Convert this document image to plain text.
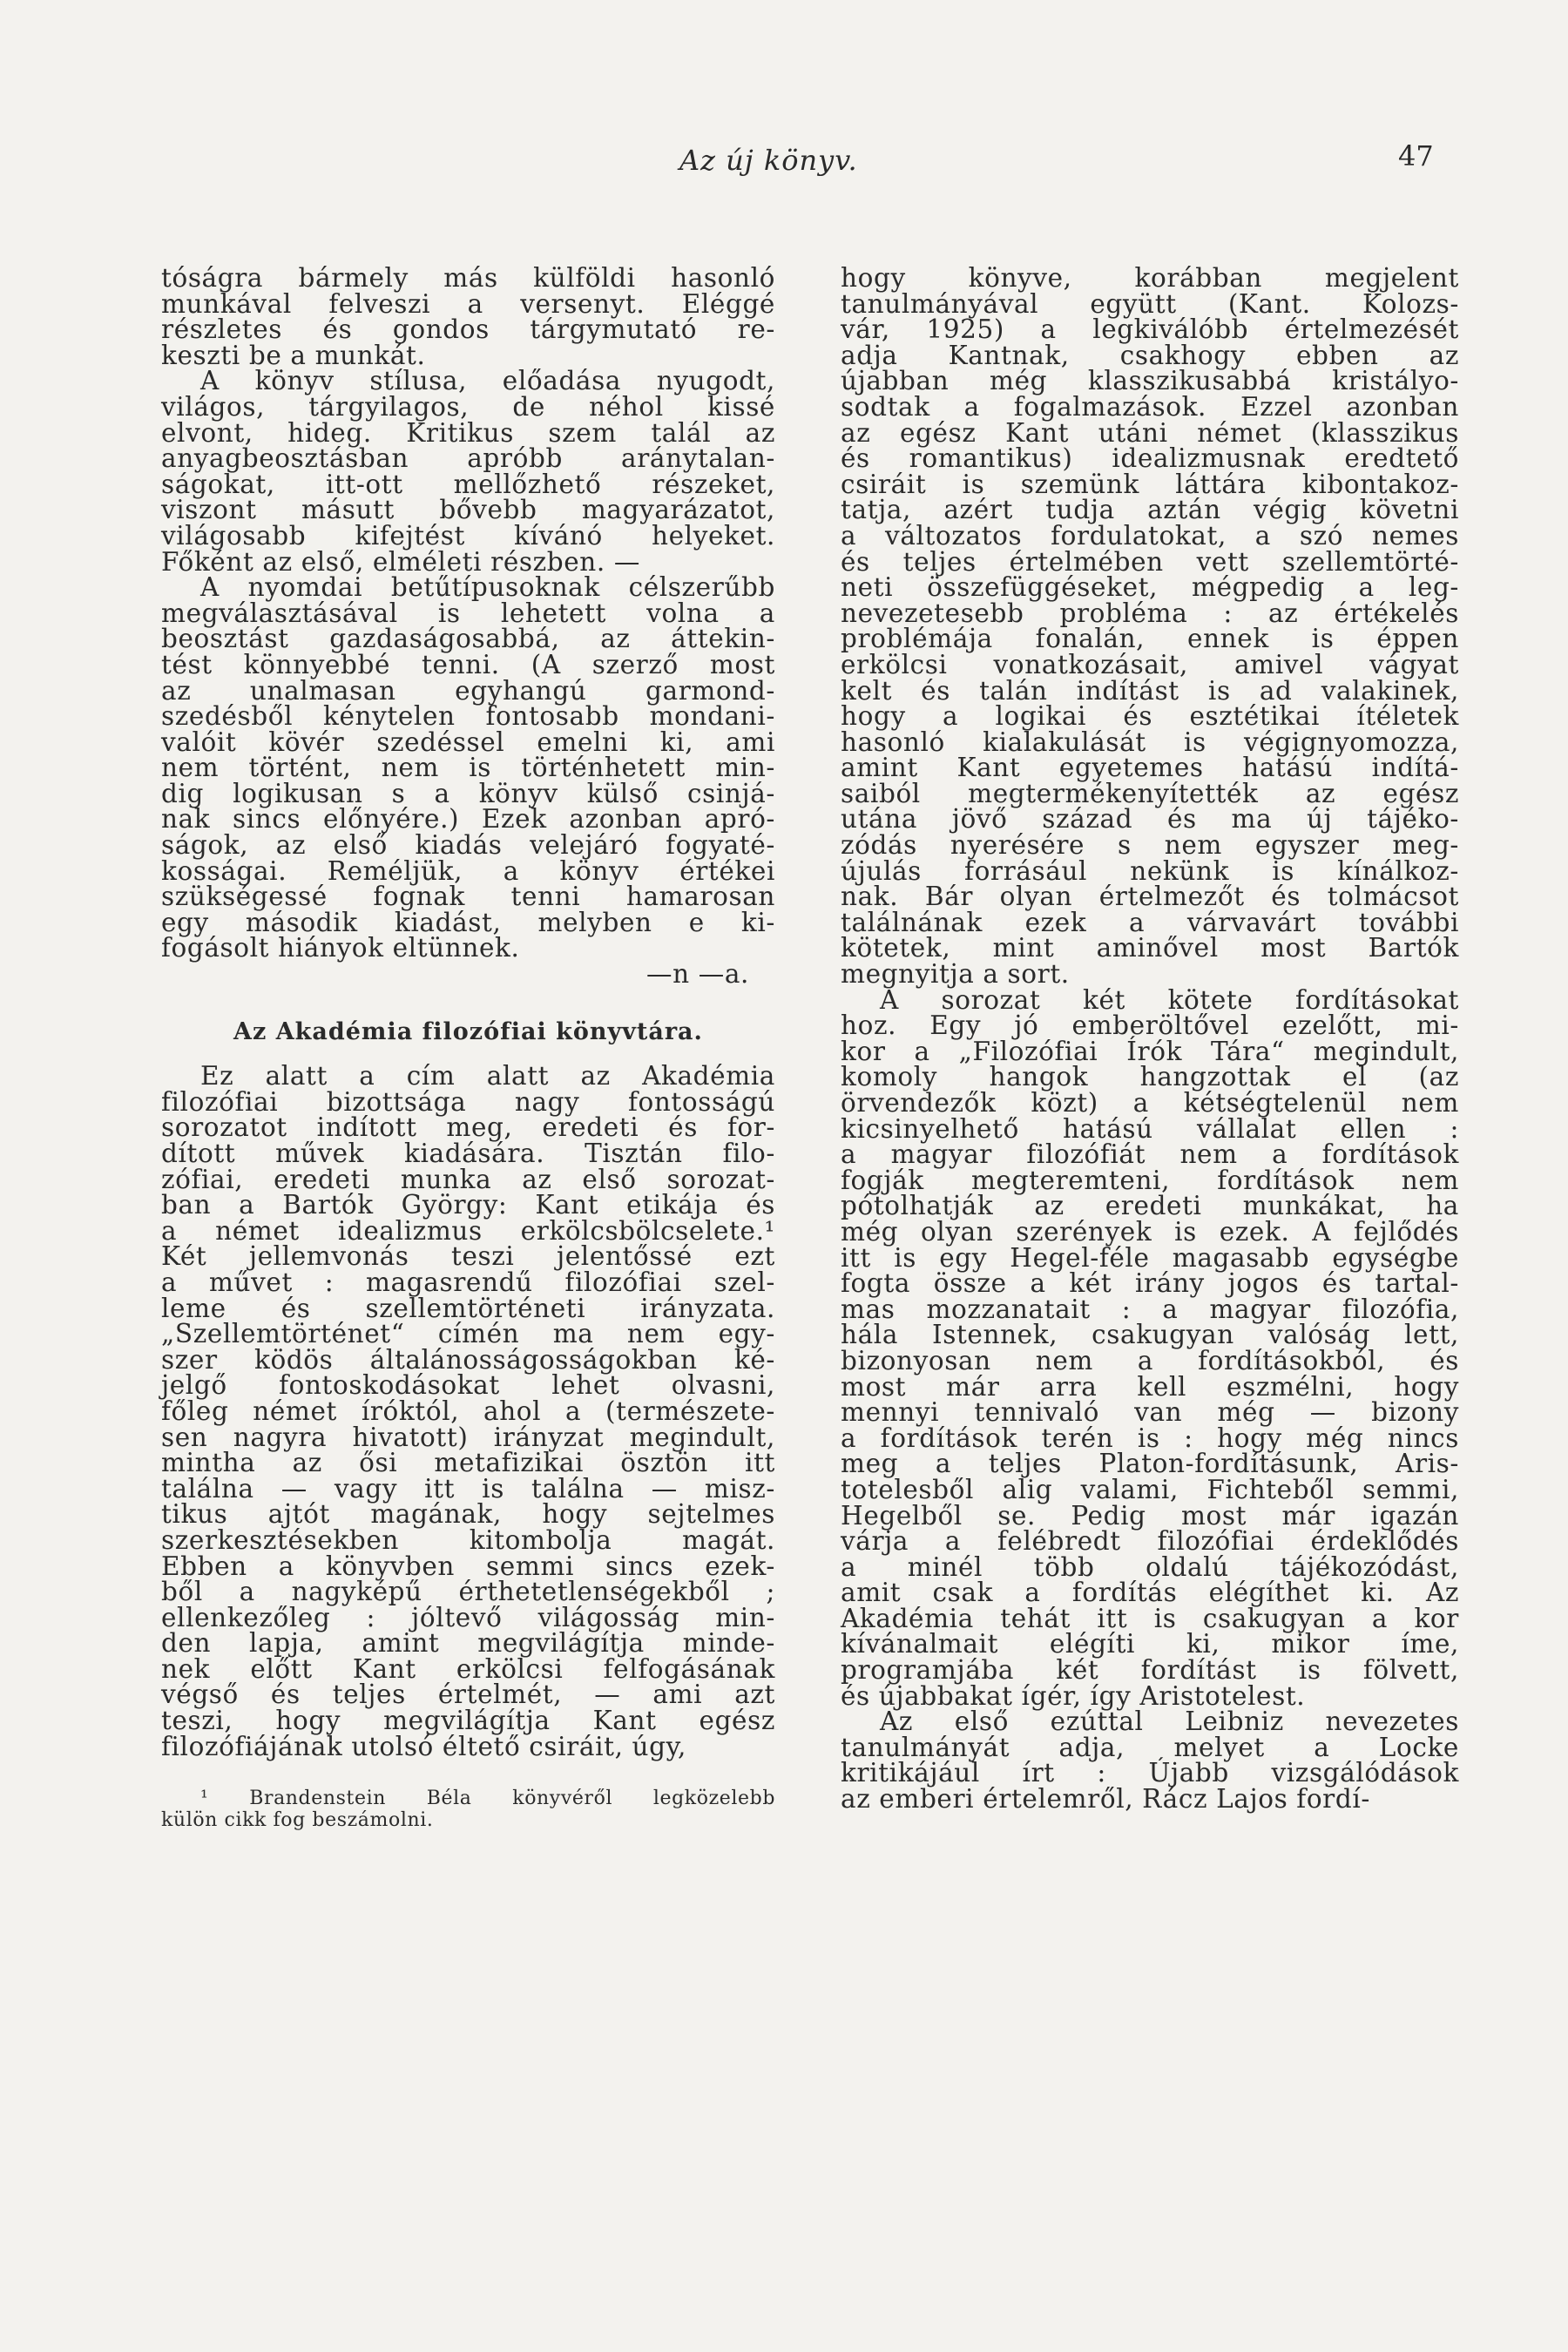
Az új könyv.	47
tóságra bármely más külföldi hasonló
munkával felveszi a versenyt. Eléggé
részletes és gondos tárgymutató re-
keszti be a munkát.
A könyv stílusa, előadása nyugodt,
világos, tárgyilagos, de néhol kissé
elvont, hideg. Kritikus szem talál az
anyagbeosztásban apróbb aránytalan-
ságokat, itt-ott mellőzhető részeket,
viszont másutt bővebb magyarázatot,
világosabb kifejtést kívánó helyeket.
Főként az első, elméleti részben. —
A nyomdai betűtípusoknak célszerűbb
megválasztásával is lehetett volna a
beosztást gazdaságosabbá, az áttekin-
tést könnyebbé tenni. (A szerző most
az unalmasan egyhangú garmond-
szedésből kénytelen fontosabb mondani-
valóit kövér szedéssel emelni ki, ami
nem történt, nem is történhetett min-
dig logikusan s a könyv külső csinjá-
nak sincs előnyére.) Ezek azonban apró-
ságok, az első kiadás velejáró fogyaté-
kosságai. Reméljük, a könyv értékei
szükségessé fognak tenni hamarosan
egy második kiadást, melyben e ki-
fogásolt hiányok eltünnek.
—n —a.
Az Akadémia filozófiai könyvtára.
Ez alatt a cím alatt az Akadémia
filozófiai bizottsága nagy fontosságú
sorozatot indított meg, eredeti és for-
dított művek kiadására. Tisztán filo-
zófiai, eredeti munka az első sorozat-
ban a Bartók György: Kant etikája és
a német idealizmus erkölcsbölcselete.¹
Két jellemvonás teszi jelentőssé ezt
a művet : magasrendű filozófiai szel-
leme és szellemtörténeti irányzata.
„Szellemtörténet“ címén ma nem egy-
szer ködös általánosságosságokban ké-
jelgő fontoskodásokat lehet olvasni,
főleg német íróktól, ahol a (természete-
sen nagyra hivatott) irányzat megindult,
mintha az ősi metafizikai ösztön itt
találna — vagy itt is találna — misz-
tikus ajtót magának, hogy sejtelmes
szerkesztésekben kitombolja magát.
Ebben a könyvben semmi sincs ezek-
ből a nagyképű érthetetlenségekből ;
ellenkezőleg : jóltevő világosság min-
den lapja, amint megvilágítja minde-
nek előtt Kant erkölcsi felfogásának
végső és teljes értelmét, — ami azt
teszi, hogy megvilágítja Kant egész
filozófiájának utolsó éltető csiráit, úgy,
¹ Brandenstein Béla könyvéről legközelebb
külön cikk fog beszámolni.
hogy könyve, korábban megjelent
tanulmányával együtt (Kant. Kolozs-
vár, 1925) a legkiválóbb értelmezését
adja Kantnak, csakhogy ebben az
újabban még klasszikusabbá kristályo-
sodtak a fogalmazások. Ezzel azonban
az egész Kant utáni német (klasszikus
és romantikus) idealizmusnak eredtető
csiráit is szemünk láttára kibontakoz-
tatja, azért tudja aztán végig követni
a változatos fordulatokat, a szó nemes
és teljes értelmében vett szellemtörté-
neti összefüggéseket, mégpedig a leg-
nevezetesebb probléma : az értékelés
problémája fonalán, ennek is éppen
erkölcsi vonatkozásait, amivel vágyat
kelt és talán indítást is ad valakinek,
hogy a logikai és esztétikai ítéletek
hasonló kialakulását is végignyomozza,
amint Kant egyetemes hatású indítá-
saiból megtermékenyítették az egész
utána jövő század és ma új tájéko-
zódás nyerésére s nem egyszer meg-
újulás forrásául nekünk is kínálkoz-
nak. Bár olyan értelmezőt és tolmácsot
találnának ezek a várvavárt további
kötetek, mint aminővel most Bartók
megnyitja a sort.
A sorozat két kötete fordításokat
hoz. Egy jó emberöltővel ezelőtt, mi-
kor a „Filozófiai Írók Tára“ megindult,
komoly hangok hangzottak el (az
örvendezők közt) a kétségtelenül nem
kicsinyelhető hatású vállalat ellen :
a magyar filozófiát nem a fordítások
fogják megteremteni, fordítások nem
pótolhatják az eredeti munkákat, ha
még olyan szerények is ezek. A fejlődés
itt is egy Hegel-féle magasabb egységbe
fogta össze a két irány jogos és tartal-
mas mozzanatait : a magyar filozófia,
hála Istennek, csakugyan valóság lett,
bizonyosan nem a fordításokból, és
most már arra kell eszmélni, hogy
mennyi tennivaló van még — bizony
a fordítások terén is : hogy még nincs
meg a teljes Platon-fordításunk, Aris-
totelesből alig valami, Fichteből semmi,
Hegelből se. Pedig most már igazán
várja a felébredt filozófiai érdeklődés
a minél több oldalú tájékozódást,
amit csak a fordítás elégíthet ki. Az
Akadémia tehát itt is csakugyan a kor
kívánalmait elégíti ki, mikor íme,
programjába két fordítást is fölvett,
és újabbakat ígér, így Aristotelest.
Az első ezúttal Leibniz nevezetes
tanulmányát adja, melyet a Locke
kritikájául írt : Újabb vizsgálódások
az emberi értelemről, Rácz Lajos fordí-
